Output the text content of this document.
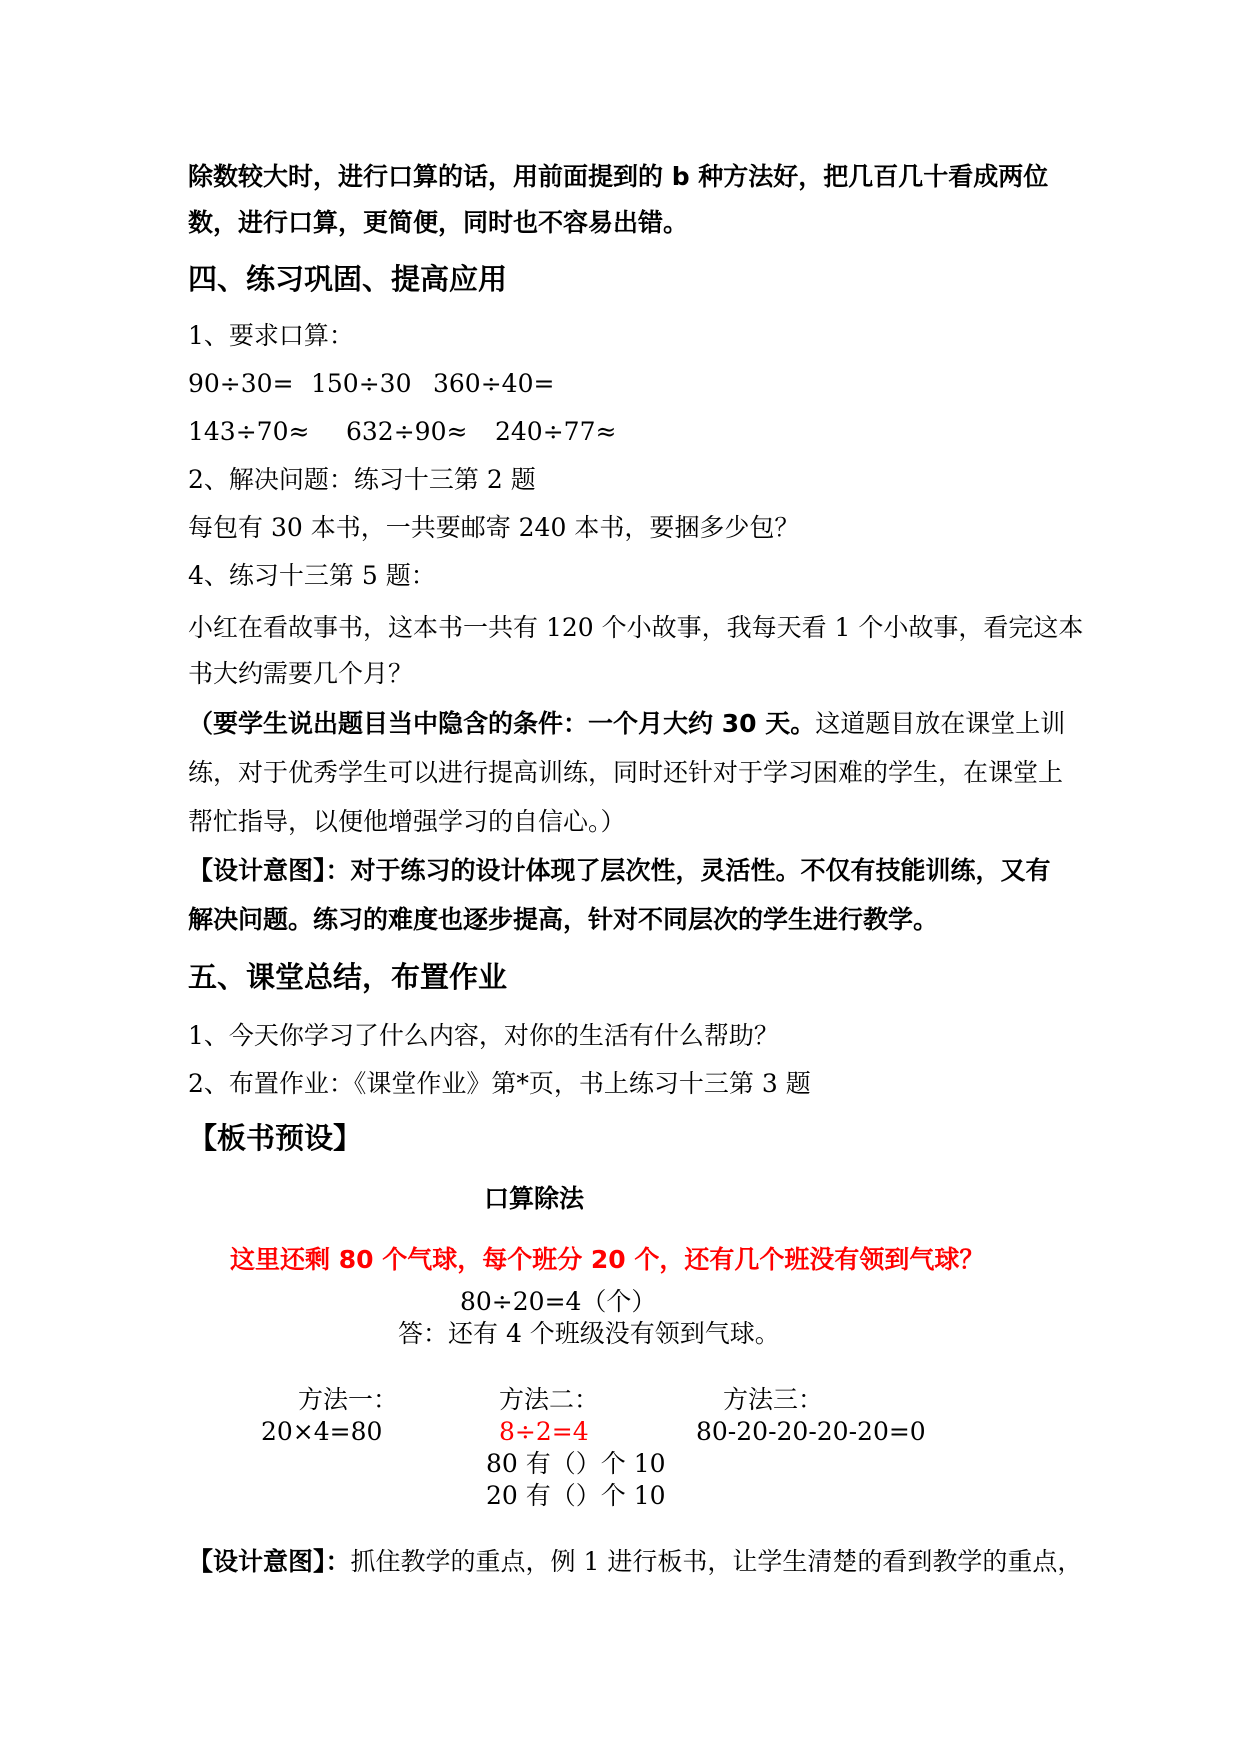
除数较大时，进行口算的话，用前面提到的 b 种方法好，把几百几十看成两位
数，进行口算，更简便，同时也不容易出错。
四、练习巩固、提高应用
1、要求口算：
90÷30= 150÷30 360÷40=
143÷70≈ 632÷90≈ 240÷77≈
2、解决问题：练习十三第 2 题
每包有 30 本书，一共要邮寄 240 本书，要捆多少包？
4、练习十三第 5 题：
小红在看故事书，这本书一共有 120 个小故事，我每天看 1 个小故事，看完这本
书大约需要几个月？
（要学生说出题目当中隐含的条件：一个月大约 30 天。这道题目放在课堂上训
练，对于优秀学生可以进行提高训练，同时还针对于学习困难的学生，在课堂上
帮忙指导，以便他增强学习的自信心。）
【设计意图】：对于练习的设计体现了层次性，灵活性。不仅有技能训练，又有
解决问题。练习的难度也逐步提高，针对不同层次的学生进行教学。
五、课堂总结，布置作业
1、今天你学习了什么内容，对你的生活有什么帮助？
2、布置作业：《课堂作业》第*页，书上练习十三第 3 题
【板书预设】
口算除法
这里还剩 80 个气球，每个班分 20 个，还有几个班没有领到气球？
80÷20=4（个）
答：还有 4 个班级没有领到气球。
方法一：
20×4=80
方法二：
8÷2=4
80 有（）个 10
20 有（）个 10
方法三：
80-20-20-20-20=0
【设计意图】：抓住教学的重点，例 1 进行板书，让学生清楚的看到教学的重点，
